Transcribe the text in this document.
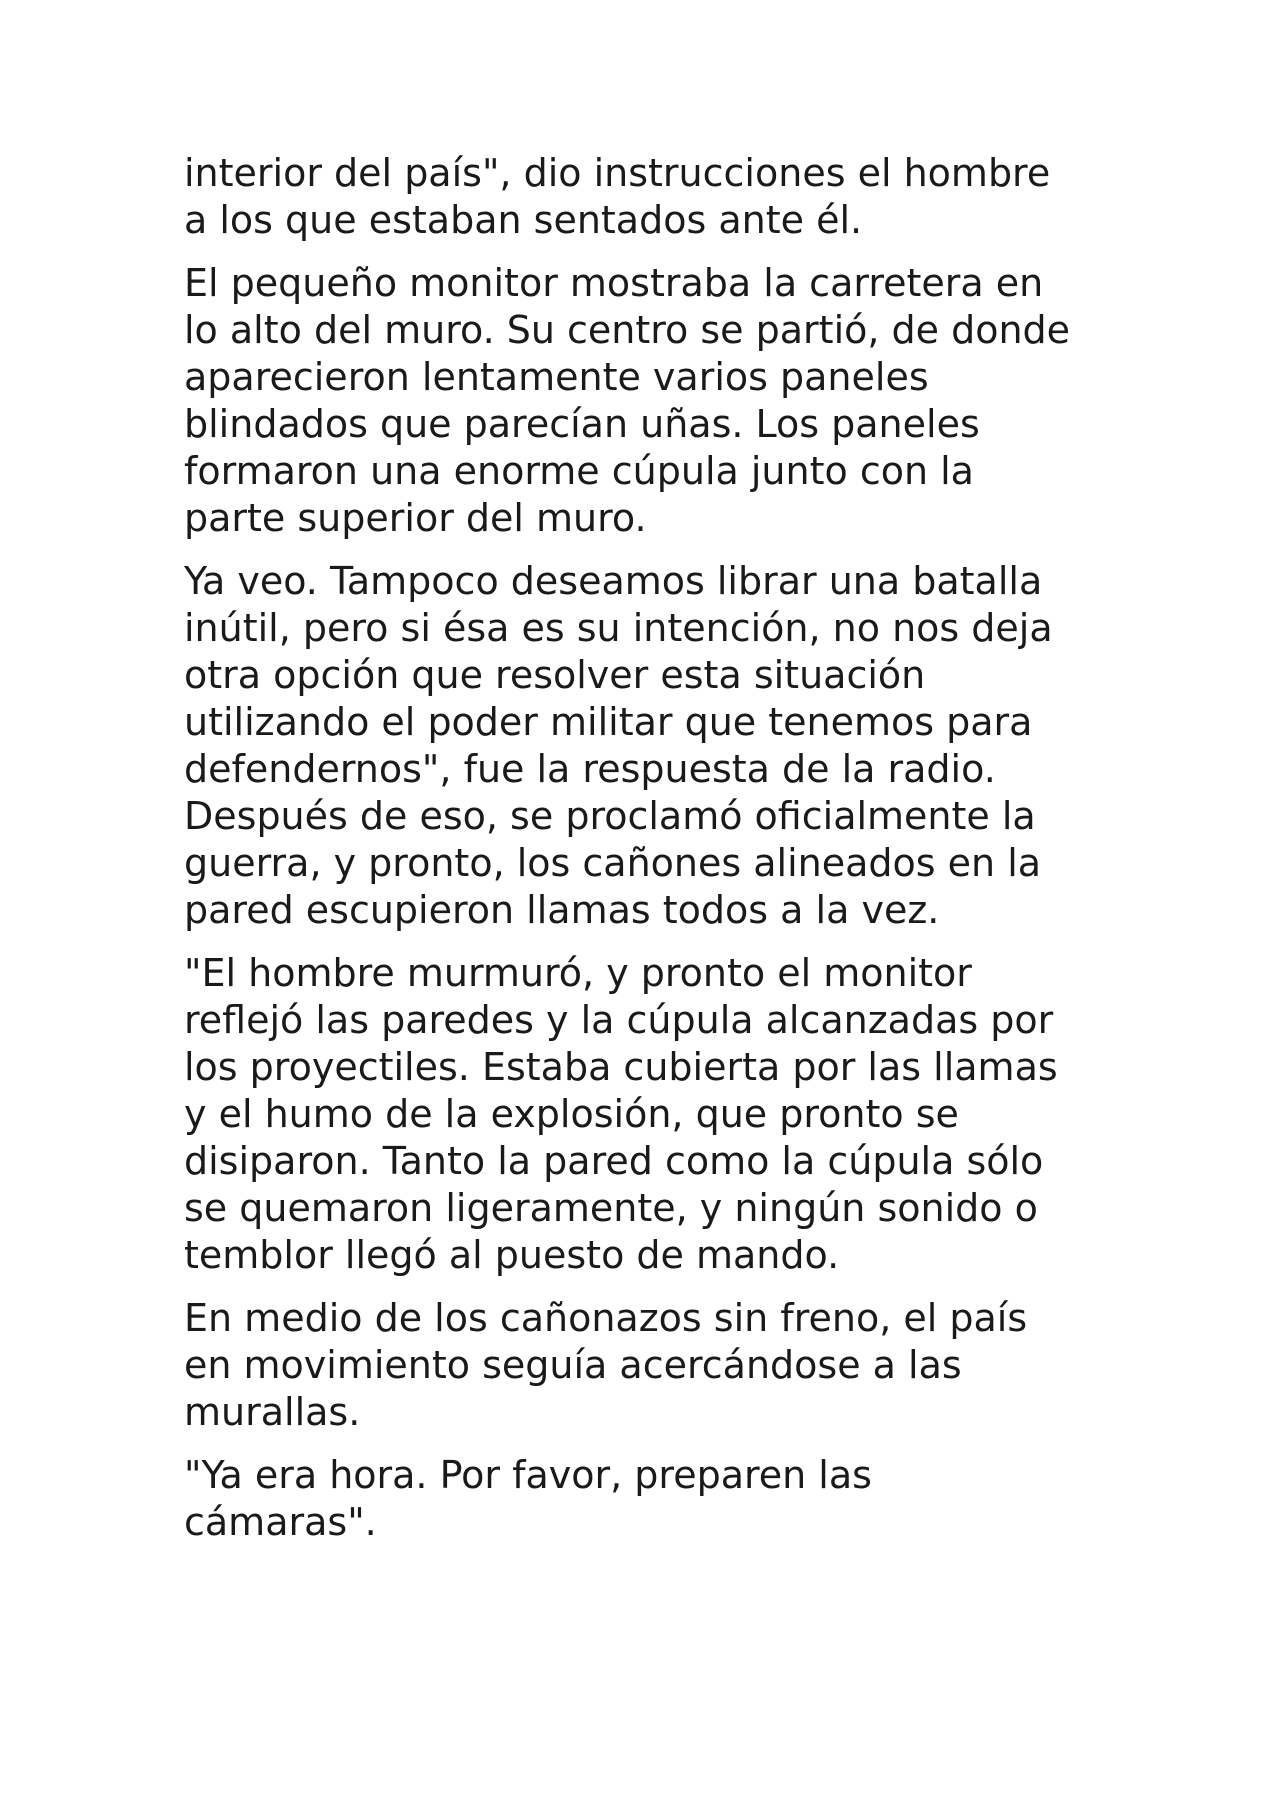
interior del país", dio instrucciones el hombre
a los que estaban sentados ante él.

El pequeño monitor mostraba la carretera en
lo alto del muro. Su centro se partió, de donde
aparecieron lentamente varios paneles
blindados que parecían uñas. Los paneles
formaron una enorme cúpula junto con la
parte superior del muro.

Ya veo. Tampoco deseamos librar una batalla
inútil, pero si ésa es su intención, no nos deja
otra opción que resolver esta situación
utilizando el poder militar que tenemos para
defendernos", fue la respuesta de la radio.
Después de eso, se proclamó oficialmente la
guerra, y pronto, los cañones alineados en la
pared escupieron llamas todos a la vez.

"El hombre murmuró, y pronto el monitor
reflejó las paredes y la cúpula alcanzadas por
los proyectiles. Estaba cubierta por las llamas
y el humo de la explosión, que pronto se
disiparon. Tanto la pared como la cúpula sólo
se quemaron ligeramente, y ningún sonido o
temblor llegó al puesto de mando.

En medio de los cañonazos sin freno, el país
en movimiento seguía acercándose a las
murallas.

"Ya era hora. Por favor, preparen las
cámaras".
